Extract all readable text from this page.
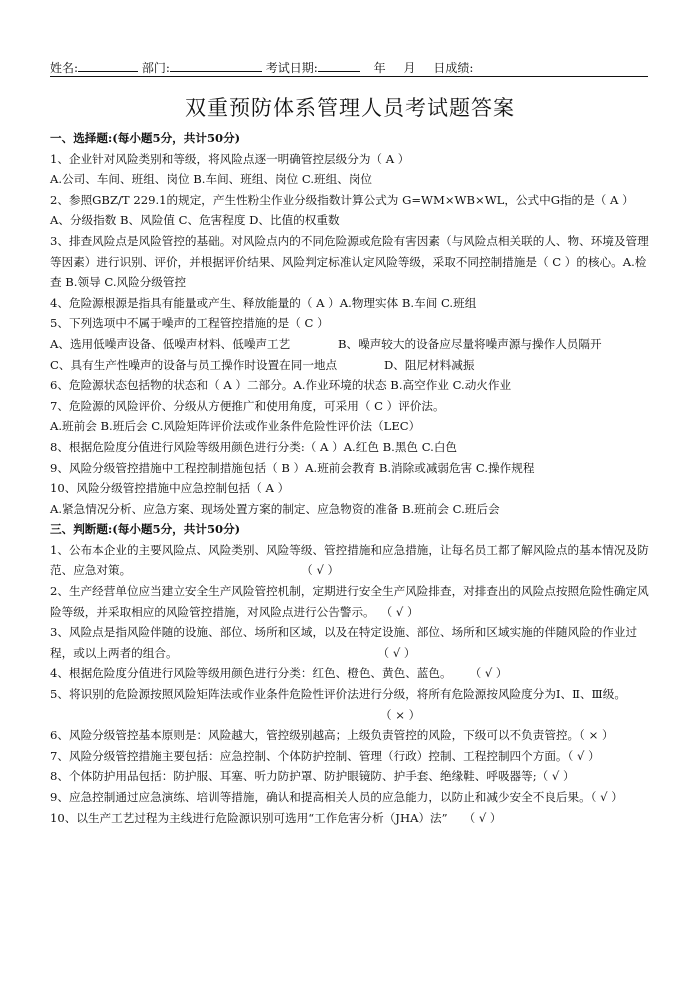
姓名:	部门:	考试日期:	年 月 日成绩:
双重预防体系管理人员考试题答案

一、选择题:(每小题5分，共计50分)

1、企业针对风险类别和等级，将风险点逐一明确管控层级分为（ A ）

A.公司、车间、班组、岗位 B.车间、班组、岗位 C.班组、岗位

2、参照GBZ/T 229.1的规定，产生性粉尘作业分级指数计算公式为 G=WM×WB×WL，公式中G指的是（ A ）

A、分级指数 B、风险值 C、危害程度 D、比值的权重数

3、排查风险点是风险管控的基础。对风险点内的不同危险源或危险有害因素（与风险点相关联的人、物、环境及管理等因素）进行识别、评价，并根据评价结果、风险判定标准认定风险等级，采取不同控制措施是（ C ）的核心。A.检查 B.领导 C.风险分级管控

4、危险源根源是指具有能量或产生、释放能量的（ A ）A.物理实体 B.车间 C.班组

5、下列选项中不属于噪声的工程管控措施的是（ C ）

A、选用低噪声设备、低噪声材料、低噪声工艺	B、噪声较大的设备应尽量将噪声源与操作人员隔开

C、具有生产性噪声的设备与员工操作时设置在同一地点	D、阻尼材料减振

6、危险源状态包括物的状态和（ A ）二部分。A.作业环境的状态 B.高空作业 C.动火作业

7、危险源的风险评价、分级从方便推广和使用角度，可采用（ C ）评价法。

A.班前会 B.班后会 C.风险矩阵评价法或作业条件危险性评价法（LEC）

8、根据危险度分值进行风险等级用颜色进行分类:（ A ）A.红色 B.黑色 C.白色

9、风险分级管控措施中工程控制措施包括（ B ）A.班前会教育 B.消除或减弱危害 C.操作规程

10、风险分级管控措施中应急控制包括（ A ）

A.紧急情况分析、应急方案、现场处置方案的制定、应急物资的准备 B.班前会 C.班后会

三、判断题:(每小题5分，共计50分)

1、公布本企业的主要风险点、风险类别、风险等级、管控措施和应急措施，让每名员工都了解风险点的基本情况及防范、应急对策。	（ √ ）

2、生产经营单位应当建立安全生产风险管控机制，定期进行安全生产风险排查，对排查出的风险点按照危险性确定风险等级，并采取相应的风险管控措施，对风险点进行公告警示。 （ √ ）

3、风险点是指风险伴随的设施、部位、场所和区域，以及在特定设施、部位、场所和区域实施的伴随风险的作业过程，或以上两者的组合。	（ √ ）

4、根据危险度分值进行风险等级用颜色进行分类：红色、橙色、黄色、蓝色。 （ √ ）

5、将识别的危险源按照风险矩阵法或作业条件危险性评价法进行分级，将所有危险源按风险度分为Ⅰ、Ⅱ、Ⅲ级。（ × ）

6、风险分级管控基本原则是：风险越大，管控级别越高；上级负责管控的风险，下级可以不负责管控。（ × ）

7、风险分级管控措施主要包括：应急控制、个体防护控制、管理（行政）控制、工程控制四个方面。（ √ ）

8、个体防护用品包括：防护服、耳塞、听力防护罩、防护眼镜防、护手套、绝缘鞋、呼吸器等;（ √ ）

9、应急控制通过应急演练、培训等措施，确认和提高相关人员的应急能力，以防止和减少安全不良后果。（ √ ）

10、以生产工艺过程为主线进行危险源识别可选用“工作危害分析（JHA）法” （ √ ）
